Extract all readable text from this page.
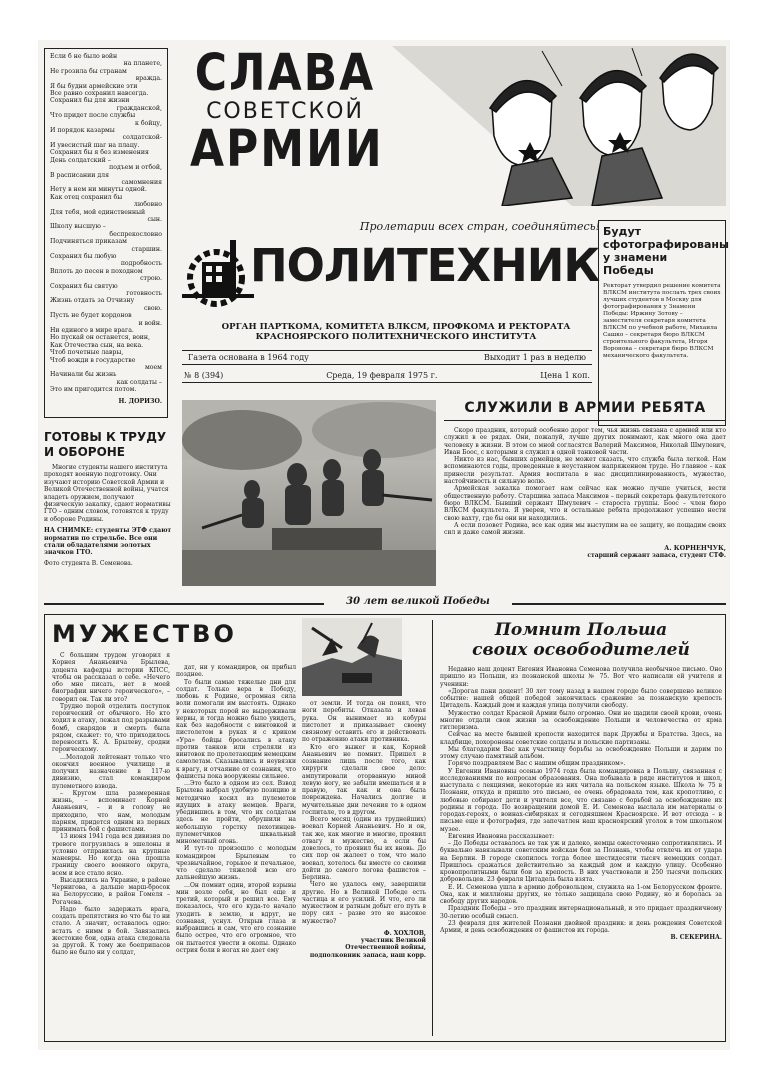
Если б не было войн
на планете,
Не грозила бы странам
вражда.
Я бы будни армейские эти
Все равно сохранил навсегда.
Сохранил бы для жизни
гражданской,
Что придет после службы
к бойцу,
И порядок казармы
солдатской-
И увесистый шаг на плацу.
Сохранил бы я без изменения
День солдатский –
подъем и отбой,
В расписании для
самомнения
Нету в нем ни минуты одной.
Как отец сохранил бы
любовно
Для тебя, мой единственный
сын.
Школу высшую –
беспрекословно
Подчиняться приказам
старшин.
Сохранил бы любую
подробность
Вплоть до песен в походном
строю.
Сохранил бы святую
готовность
Жизнь отдать за Отчизну
свою.
Пусть не будет кордонов
и войн.
Ни единого в мире врага.
Но пускай он останется, воин,
Как Отечества сын, на века.
Чтоб почетные лавры,
Чтоб вожди в государстве
моем
Начинали бы жизнь
как солдаты –
Это им пригодится потом.
Н. ДОРИЗО.
СЛАВА
СОВЕТСКОЙ
АРМИИ
Пролетарии всех стран, соединяйтесь!
ПОЛИТЕХНИК
ОРГАН ПАРТКОМА, КОМИТЕТА ВЛКСМ, ПРОФКОМА И РЕКТОРАТА
КРАСНОЯРСКОГО ПОЛИТЕХНИЧЕСКОГО ИНСТИТУТА
Газета основана в 1964 году	Выходит 1 раз в неделю
№ 8 (394)	Среда, 19 февраля 1975 г.	Цена 1 коп.
Будут
сфотографированы
у знамени Победы
Ректорат утвердил решение комитета ВЛКСМ института послать трех своих лучших студентов в Москву для фотографирования у Знамени Победы: Иржину Зотову – заместителя секретаря комитета ВЛКСМ по учебной работе, Михаила Сашко – секретаря бюро ВЛКСМ строительного факультета, Игоря Воронова – секретаря бюро ВЛКСМ механического факультета.
ГОТОВЫ К ТРУДУ
И ОБОРОНЕ
Многие студенты нашего института проходят военную подготовку. Они изучают историю Советской Армии и Великой Отечественной войны, учатся владеть оружием, получают физическую закалку, сдают нормативы ГТО – одним словом, готовятся к труду и обороне Родины.
НА СНИМКЕ: студенты ЭТФ сдают норматив по стрельбе. Все они стали обладателями золотых значков ГТО.
Фото студента В. Семенова.
СЛУЖИЛИ В АРМИИ РЕБЯТА

Скоро праздник, который особенно дорог тем, чья жизнь связана с армией или кто служил в ее рядах. Они, пожалуй, лучше других понимают, как много она дает человеку в жизни. В этом со мной согласятся Валерий Максимов, Николай Шмулевич, Иван Боос, с которыми я служил в одной танковой части.

Никто из нас, бывших армейцев, не может сказать, что служба была легкой. Нам вспоминаются годы, проведенные в неустанном напряженном труде. Но главное – как принесли результат. Армия воспитала в нас дисциплинированность, мужество, настойчивость и сильную волю.

Армейская закалка помогает нам сейчас как можно лучше учиться, вести общественную работу. Старшина запаса Максимов – первый секретарь факультетского бюро ВЛКСМ. Бывший сержант Шмулевич – староста группы. Боос – член бюро ВЛКСМ факультета. Я уверен, что и остальные ребята продолжают успешно нести свою вахту, где бы они ни находились.

А если позовет Родина, все как один мы выступим на ее защиту, не пощадим своих сил и даже самой жизни.

А. КОРНЕНЧУК,
старший сержант запаса, студент СТФ.
30 лет великой Победы
МУЖЕСТВО

С большим трудом уговорил я Корнея Ананьевича Брылева, доцента кафедры истории КПСС, чтобы он рассказал о себе. «Нечего обо мне писать, нет в моей биографии ничего героического», – говорил он. Так ли это?

Трудно порой отделить поступок героический от обычного. Но кто ходил в атаку, лежал под разрывами бомб, снарядов и смерть была рядом, скажет: то, что приходилось переносить К. А. Брылеву, сродни героическому.

…Молодой лейтенант только что окончил военное училище и получил назначение в 117-ю дивизию, стал командиром пулеметного взвода.

– Кругом шла размеренная жизнь, – вспоминает Корней Ананьевич, – и в голову не приходило, что нам, молодым парням, придется одним из первых принимать бой с фашистами.

13 июня 1941 года вся дивизия по тревоге погрузилась в эшелоны и условно отправилась на крупные маневры. Но когда она прошла границу своего военного округа, всем и все стало ясно.

Высадились на Украине, в районе Чернигова, а дальше марш-бросок на Белоруссию, в район Гомеля – Рогачева.

Надо было задержать врага, создать препятствия во что бы то ни стало. А значит, оставалось одно: встать с нимм в бой. Завязались жестокие бои, одна атака следовала за другой. К тому же боеприпасов было не было ни у солдат,

дат, ни у командиров, он прибыл позднее.

То были самые тяжелые дни для солдат. Только вера в Победу, любовь к Родине, огромная сила воли помогали им выстоять. Однако у некоторых порой не выдерживали нервы, и тогда можно было увидеть, как без надобности с винтовкой и пистолетом в руках и с криком «Ура» бойцы бросались в атаку против танков или стреляли из винтовок по пролетающим немецким самолетам. Сказывались и неувязки к врагу, и отчаяние от сознания, что фашисты пока вооружены сильнее.

…Это было в одном из сел. Взвод Брылева выбрал удобную позицию и методично косил из пулеметов идущих в атаку немцев. Враги, убедившись в том, что их солдатам здесь не пройти, обрушили на небольшую горстку пехотинцев-пулеметчиков шквальный минометный огонь.

И тут-то произошло с молодым командиром Брылевым то чрезвычайное, горькое и печальное, что сделало тяжелой всю его дальнейшую жизнь.

…Он помнит один, второй взрывы мин возле себя, но был еще и третий, который и решил все. Ему показалось, что его куда-то начало уходить в землю, и вдруг, не сознавая, уснул. Открыв глаза и выбравшись и сам, что его сознание было острее, что его огромное, что он пытается увести в окопы. Однако острия боли в ногах не дает ему

от земли. И тогда он понял, что ноги перебиты. Отказала и левая рука. Он вынимает из кобуры пистолет и приказывает своему связному оставить его и действовать по отражению атаки противника.

Кто его выжег и как, Корней Ананьевич не помнит. Пришел в сознание лишь после того, как хирурги сделали свое дело: ампутировали оторванную миной левую ногу, не забыли вмешаться и в правую, так как и она была повреждена. Начались долгие и мучительные дни лечения то в одном госпитале, то в другом.

Всего месяц (один из труднейших) воевал Корней Ананьевич. Но и он, так же, как многие и многие, проявил отвагу и мужество, а если бы довелось, то проявил бы их вновь. До сих пор он жалеет о том, что мало воевал, хотелось бы вместе со своими дойти до самого логова фашистов – Берлина.

Чего не удалось ему, завершили другие. Но в Великой Победе есть частица и его усилий. И что, его ли мужеством и ратным добыт его путь в пору сил – разве это не высокое мужество?

Ф. ХОХЛОВ,

участник Великой Отечественной войны, подполковник запаса, наш корр.

Помнит Польша
своих освободителей

Недавно наш доцент Евгения Ивановна Семенова получила необычное письмо. Оно пришло из Польши, из познанской школы № 75. Вот что написали ей учителя и ученики:

«Дорогая пани доцент! 30 лет тому назад в нашем городе было совершено великое событие: нашей общей победой закончилась сражение за познанскую крепость Цитадель. Каждый дом и каждая улица получили свободу.

Мужество солдат Красной Армии было огромно. Они не щадили своей крови, очень многие отдали свои жизни за освобождение Польши и человечества от ярма гитлеризма.

Сейчас на месте бывшей крепости находится парк Дружбы и Братства. Здесь, на кладбище, похоронены советские солдаты и польские партизаны.

Мы благодарим Вас как участницу борьбы за освобождение Польши и дарим по этому случаю памятный альбом.

Горячо поздравляем Вас с нашим общим праздником».

У Евгении Ивановны осенью 1974 года была командировка в Польшу, связанная с исследованиями по вопросам образования. Она побывала в ряде институтов и школ, выступала с лекциями, некоторые из них читала на польском языке. Школа № 75 в Познани, откуда и пришло это письмо, ее очень обрадовала тем, как кропотливо, с любовью собирают дети и учителя все, что связано с борьбой за освобождение их родины и города. По возвращении домой Е. И. Семенова выслала им материалы о городах-героях, о воинах-сибиряках и сегодняшнем Красноярске. И вот отсюда – в письме еще и фотография, где запечатлен наш красноярский уголок в том школьном музее.

Евгения Ивановна рассказывает:

– До Победы оставалось не так уж и далеко, немцы ожесточенно сопротивлялись. И буквально навязывали советским войскам бои за Познань, чтобы отвлечь их от удара на Берлин. В городе скопилось тогда более шестидесяти тысяч немецких солдат. Пришлось сражаться действительно за каждый дом и каждую улицу. Особенно кровопролитными были бои за крепость. В них участвовали и 250 тысячи польских добровольцев. 23 февраля Цитадель была взята.

Е. И. Семенова ушла в армию добровольцем, служила на 1-ом Белорусском фронте. Она, как и миллионы других, не только защищала свою Родину, но и боролась за свободу других народов.

Праздник Победы – это праздник интернациональный, и это придает праздничному 30-летию особый смысл.

23 февраля для жителей Познани двойной праздник: и день рождения Советской Армии, и день освобождения от фашистов их города.

В. СЕКЕРИНА.
